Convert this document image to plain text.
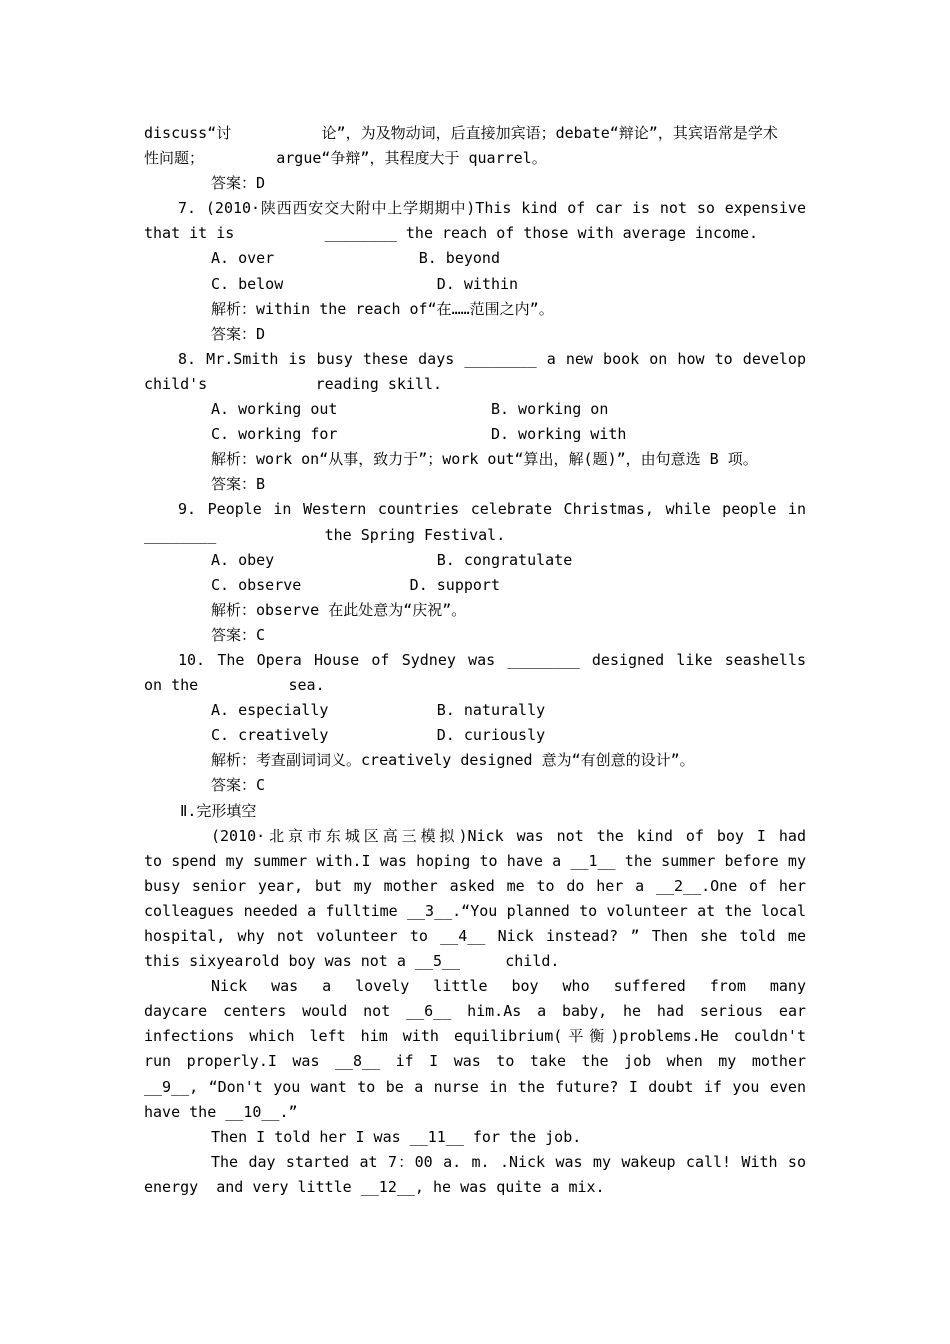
discuss“讨          论”，为及物动词，后直接加宾语；debate“辩论”，其宾语常是学术
性问题；        argue“争辩”，其程度大于 quarrel。
答案：D
7. (2010·陕西西安交大附中上学期期中)This kind of car is not so expensive
that it is          ________ the reach of those with average income.
A. over                B. beyond
C. below                 D. within
解析：within the reach of“在……范围之内”。
答案：D
8. Mr.Smith is busy these days ________ a new book on how to develop
child's            reading skill.
A. working out                 B. working on
C. working for                 D. working with
解析：work on“从事，致力于”；work out“算出，解(题)”，由句意选 B 项。
答案：B
9. People in Western countries celebrate Christmas, while people in
________            the Spring Festival.
A. obey                  B. congratulate
C. observe            D. support
解析：observe 在此处意为“庆祝”。
答案：C
10. The Opera House of Sydney was ________ designed like seashells
on the          sea.
A. especially            B. naturally
C. creatively            D. curiously
解析：考查副词词义。creatively designed 意为“有创意的设计”。
答案：C
Ⅱ.完形填空
(2010·北京市东城区高三模拟)Nick was not the kind of boy I had
to spend my summer with.I was hoping to have a __1__ the summer before my
busy senior year, but my mother asked me to do her a __2__.One of her
colleagues needed a fulltime __3__.“You planned to volunteer at the local
hospital, why not volunteer to __4__ Nick instead? ” Then she told me
this sixyearold boy was not a __5__     child.
Nick was a lovely little boy who suffered from many
daycare centers would not __6__ him.As a baby, he had serious ear
infections which left him with equilibrium(平衡)problems.He couldn't
run properly.I was __8__ if I was to take the job when my mother
__9__, “Don't you want to be a nurse in the future? I doubt if you even
have the __10__.”
Then I told her I was __11__ for the job.
The day started at 7：00 a. m. .Nick was my wakeup call! With so
energy  and very little __12__, he was quite a mix.
